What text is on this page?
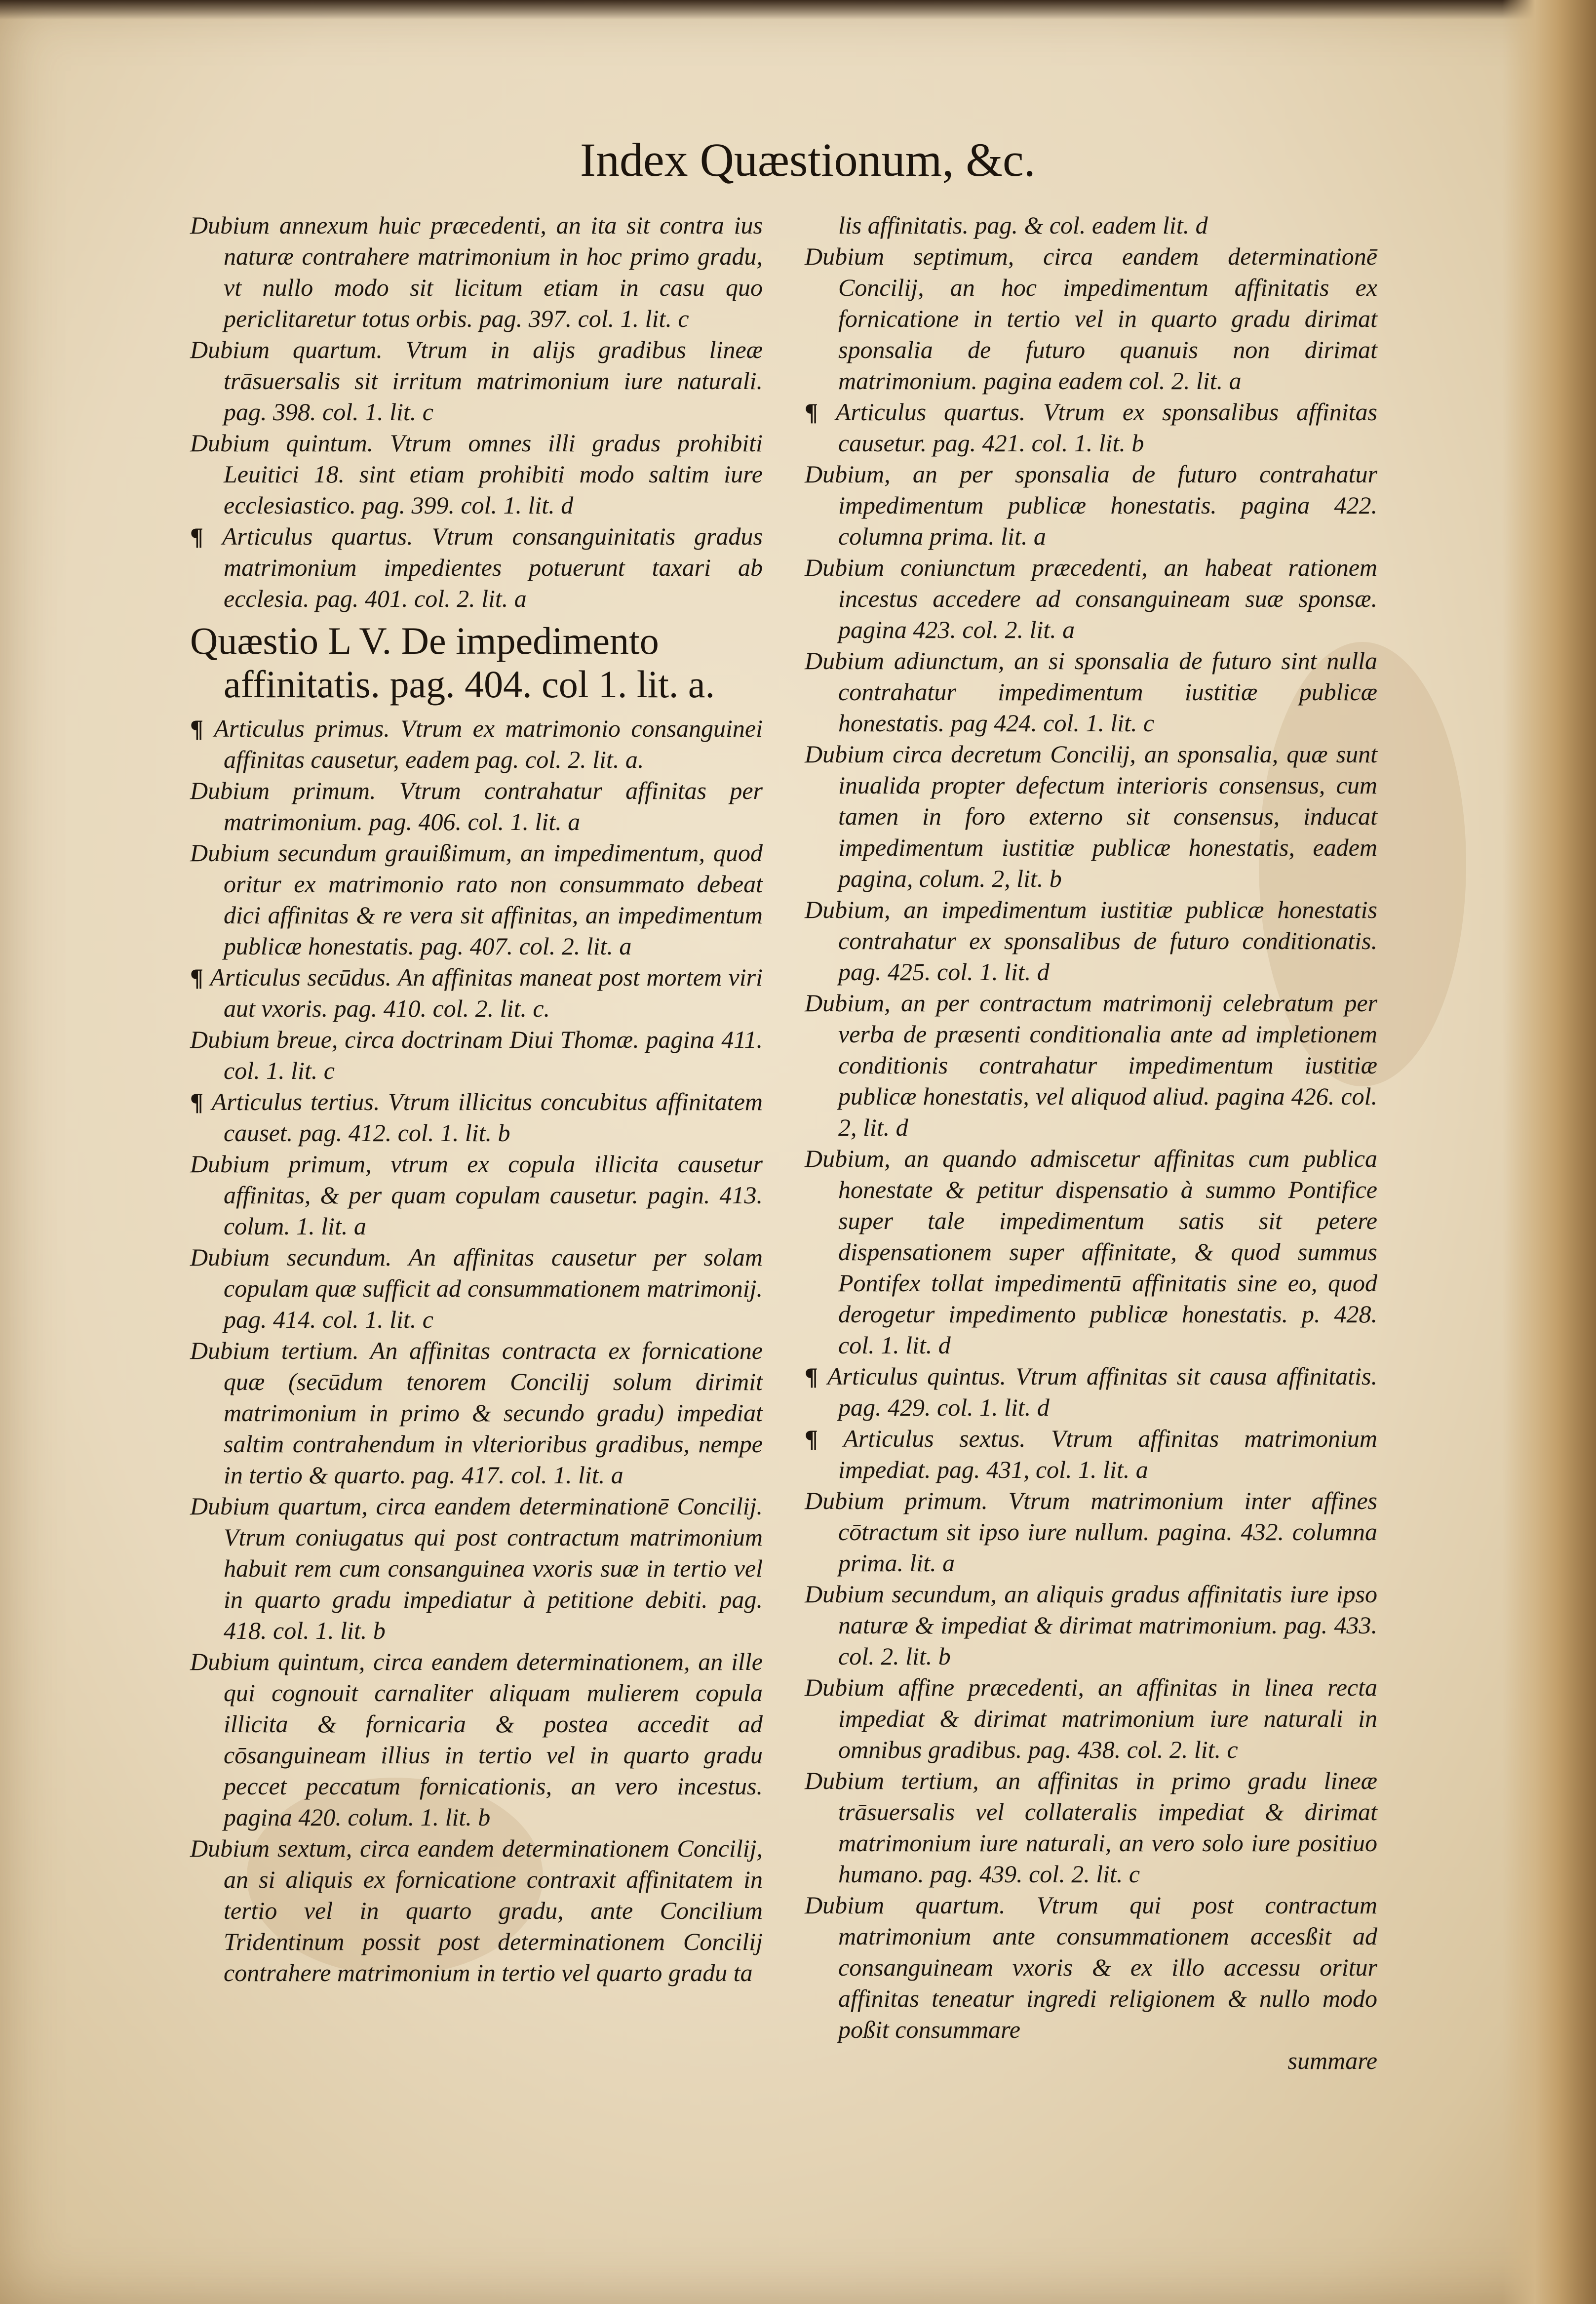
Index Quæstionum, &c.

Dubium annexum huic præcedenti, an ita sit contra ius naturæ contrahere matrimonium in hoc primo gradu, vt nullo modo sit licitum etiam in casu quo periclitaretur totus orbis. pag. 397. col. 1. lit. c

Dubium quartum. Vtrum in alijs gradibus lineæ trāsuersalis sit irritum matrimonium iure naturali. pag. 398. col. 1. lit. c

Dubium quintum. Vtrum omnes illi gradus prohibiti Leuitici 18. sint etiam prohibiti modo saltim iure ecclesiastico. pag. 399. col. 1. lit. d

¶ Articulus quartus. Vtrum consanguinitatis gradus matrimonium impedientes potuerunt taxari ab ecclesia. pag. 401. col. 2. lit. a

Quæstio L V. De impedimento affinitatis. pag. 404. col 1. lit. a.

¶ Articulus primus. Vtrum ex matrimonio consanguinei affinitas causetur, eadem pag. col. 2. lit. a.

Dubium primum. Vtrum contrahatur affinitas per matrimonium. pag. 406. col. 1. lit. a

Dubium secundum grauißimum, an impedimentum, quod oritur ex matrimonio rato non consummato debeat dici affinitas & re vera sit affinitas, an impedimentum publicæ honestatis. pag. 407. col. 2. lit. a

¶ Articulus secūdus. An affinitas maneat post mortem viri aut vxoris. pag. 410. col. 2. lit. c.

Dubium breue, circa doctrinam Diui Thomæ. pagina 411. col. 1. lit. c

¶ Articulus tertius. Vtrum illicitus concubitus affinitatem causet. pag. 412. col. 1. lit. b

Dubium primum, vtrum ex copula illicita causetur affinitas, & per quam copulam causetur. pagin. 413. colum. 1. lit. a

Dubium secundum. An affinitas causetur per solam copulam quæ sufficit ad consummationem matrimonij. pag. 414. col. 1. lit. c

Dubium tertium. An affinitas contracta ex fornicatione quæ (secūdum tenorem Concilij solum dirimit matrimonium in primo & secundo gradu) impediat saltim contrahendum in vlterioribus gradibus, nempe in tertio & quarto. pag. 417. col. 1. lit. a

Dubium quartum, circa eandem determinationē Concilij. Vtrum coniugatus qui post contractum matrimonium habuit rem cum consanguinea vxoris suæ in tertio vel in quarto gradu impediatur à petitione debiti. pag. 418. col. 1. lit. b

Dubium quintum, circa eandem determinationem, an ille qui cognouit carnaliter aliquam mulierem copula illicita & fornicaria & postea accedit ad cōsanguineam illius in tertio vel in quarto gradu peccet peccatum fornicationis, an vero incestus. pagina 420. colum. 1. lit. b

Dubium sextum, circa eandem determinationem Concilij, an si aliquis ex fornicatione contraxit affinitatem in tertio vel in quarto gradu, ante Concilium Tridentinum possit post determinationem Concilij contrahere matrimonium in tertio vel quarto gradu ta

lis affinitatis. pag. & col. eadem lit. d

Dubium septimum, circa eandem determinationē Concilij, an hoc impedimentum affinitatis ex fornicatione in tertio vel in quarto gradu dirimat sponsalia de futuro quanuis non dirimat matrimonium. pagina eadem col. 2. lit. a

¶ Articulus quartus. Vtrum ex sponsalibus affinitas causetur. pag. 421. col. 1. lit. b

Dubium, an per sponsalia de futuro contrahatur impedimentum publicæ honestatis. pagina 422. columna prima. lit. a

Dubium coniunctum præcedenti, an habeat rationem incestus accedere ad consanguineam suæ sponsæ. pagina 423. col. 2. lit. a

Dubium adiunctum, an si sponsalia de futuro sint nulla contrahatur impedimentum iustitiæ publicæ honestatis. pag 424. col. 1. lit. c

Dubium circa decretum Concilij, an sponsalia, quæ sunt inualida propter defectum interioris consensus, cum tamen in foro externo sit consensus, inducat impedimentum iustitiæ publicæ honestatis, eadem pagina, colum. 2, lit. b

Dubium, an impedimentum iustitiæ publicæ honestatis contrahatur ex sponsalibus de futuro conditionatis. pag. 425. col. 1. lit. d

Dubium, an per contractum matrimonij celebratum per verba de præsenti conditionalia ante ad impletionem conditionis contrahatur impedimentum iustitiæ publicæ honestatis, vel aliquod aliud. pagina 426. col. 2, lit. d

Dubium, an quando admiscetur affinitas cum publica honestate & petitur dispensatio à summo Pontifice super tale impedimentum satis sit petere dispensationem super affinitate, & quod summus Pontifex tollat impedimentū affinitatis sine eo, quod derogetur impedimento publicæ honestatis. p. 428. col. 1. lit. d

¶ Articulus quintus. Vtrum affinitas sit causa affinitatis. pag. 429. col. 1. lit. d

¶ Articulus sextus. Vtrum affinitas matrimonium impediat. pag. 431, col. 1. lit. a

Dubium primum. Vtrum matrimonium inter affines cōtractum sit ipso iure nullum. pagina. 432. columna prima. lit. a

Dubium secundum, an aliquis gradus affinitatis iure ipso naturæ & impediat & dirimat matrimonium. pag. 433. col. 2. lit. b

Dubium affine præcedenti, an affinitas in linea recta impediat & dirimat matrimonium iure naturali in omnibus gradibus. pag. 438. col. 2. lit. c

Dubium tertium, an affinitas in primo gradu lineæ trāsuersalis vel collateralis impediat & dirimat matrimonium iure naturali, an vero solo iure positiuo humano. pag. 439. col. 2. lit. c

Dubium quartum. Vtrum qui post contractum matrimonium ante consummationem accesßit ad consanguineam vxoris & ex illo accessu oritur affinitas teneatur ingredi religionem & nullo modo poßit consummare

summare
